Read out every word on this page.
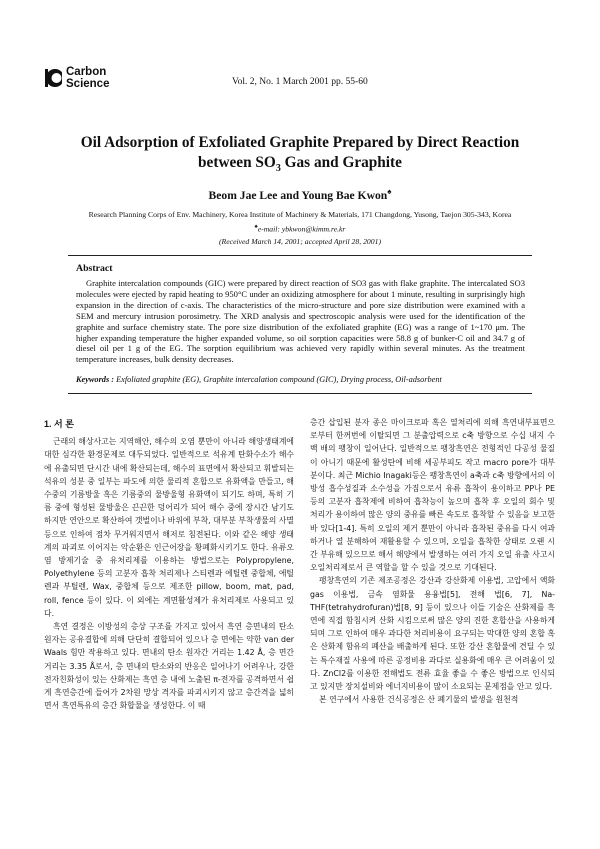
Carbon
Science	Vol. 2, No. 1 March 2001 pp. 55-60
Oil Adsorption of Exfoliated Graphite Prepared by Direct Reaction
between $SO_3$ Gas and Graphite
Beom Jae Lee and Young Bae Kwon♠
Research Planning Corps of Env. Machinery, Korea Institute of Machinery & Materials, 171 Changdong, Yusong, Taejon 305-343, Korea
♠e-mail: ybkwon@kimm.re.kr
(Received March 14, 2001; accepted April 28, 2001)
Abstract

Graphite intercalation compounds (GIC) were prepared by direct reaction of SO3 gas with flake graphite. The intercalated SO3 molecules were ejected by rapid heating to 950°C under an oxidizing atmosphere for about 1 minute, resulting in surprisingly high expansion in the direction of c-axis. The characteristics of the micro-structure and pore size distribution were examined with a SEM and mercury intrusion porosimetry. The XRD analysis and spectroscopic analysis were used for the identification of the graphite and surface chemistry state. The pore size distribution of the exfoliated graphite (EG) was a range of 1~170 μm. The higher expanding temperature the higher expanded volume, so oil sorption capacities were 58.8 g of bunker-C oil and 34.7 g of diesel oil per 1 g of the EG. The sorption equilibrium was achieved very rapidly within several minutes. As the treatment temperature increases, bulk density decreases.

Keywords : Exfoliated graphite (EG), Graphite intercalation compound (GIC), Drying process, Oil-adsorbent

1. 서 론

근래의 해상사고는 지역해안, 해수의 오염 뿐만이 아니라 해양생태계에 대한 심각한 환경문제로 대두되었다. 일반적으로 석유계 탄화수소가 해수에 유출되면 단시간 내에 확산되는데, 해수의 표면에서 확산되고 휘발되는 석유의 성분 중 일부는 파도에 의한 물리적 혼합으로 유화액을 만들고, 해수중의 기름방울 혹은 기름중의 물방울형 유화액이 되기도 하며, 특히 기름 중에 형성된 물방울은 끈끈한 덩어리가 되어 해수 중에 장시간 남기도 하지만 연안으로 확산하여 갯벌이나 바위에 부착, 대부분 부착생물의 사멸 등으로 인하여 점차 무거워지면서 해저로 침전된다. 이와 같은 해양 생태계의 파괴로 이어지는 악순환은 인근어장을 황폐화시키기도 한다. 유류오염 방제기술 중 유처리제를 이용하는 방법으로는 Polypropylene, Polyethylene 등의 고분자 흡착 처리제나 스티렌과 에틸렌 중합체, 에틸렌과 부틸렌, Wax, 중합체 등으로 제조한 pillow, boom, mat, pad, roll, fence 등이 있다. 이 외에는 계면활성제가 유처리제로 사용되고 있다.

흑연 결정은 이방성의 층상 구조를 가지고 있어서 흑연 층면내의 탄소원자는 공유결합에 의해 단단히 결합되어 있으나 층 면에는 약한 van der Waals 힘만 작용하고 있다. 면내의 탄소 원자간 거리는 1.42 Å, 층 면간 거리는 3.35 Å로서, 층 면내의 탄소와의 반응은 일어나기 어려우나, 강한 전자친화성이 있는 산화제는 흑연 층 내에 노출된 π-전자를 공격하면서 쉽게 흑연층간에 들어가 2차원 망상 격자를 파괴시키지 않고 층간격을 넓히면서 흑연특유의 층간 화합물을 생성한다. 이 때

층간 삽입된 분자 종은 마이크로파 혹은 열처리에 의해 흑연내부표면으로부터 한꺼번에 이탈되면 그 분출압력으로 c축 방향으로 수십 내지 수백 배의 팽창이 일어난다. 일반적으로 팽창흑연은 전형적인 다공성 물질이 아니기 때문에 활성탄에 비해 세공부피도 작고 macro pore가 대부분이다. 최근 Michio Inagaki등은 팽창흑연이 a축과 c축 방향에서의 이방성 흡수성질과 소수성을 가짐으로서 유류 흡착이 용이하고 PP나 PE 등의 고분자 흡착제에 비하여 흡착능이 높으며 흡착 후 오일의 회수 및 처리가 용이하여 많은 양의 중유를 빠른 속도로 흡착할 수 있음을 보고한 바 있다[1-4]. 특히 오일의 제거 뿐만이 아니라 흡착된 중유를 다시 여과하거나 열 분해하여 재활용할 수 있으며, 오일을 흡착한 상태로 오랜 시간 부유해 있으므로 해서 해양에서 발생하는 여러 가지 오일 유출 사고시 오일처리제로서 큰 역할을 할 수 있을 것으로 기대된다.

팽창흑연의 기존 제조공정은 강산과 강산화제 이용법, 고압에서 액화 gas 이용법, 금속 염화물 용융법[5], 전해 법[6, 7], Na-THF(tetrahydrofuran)법[8, 9] 등이 있으나 이들 기술은 산화제를 흑연에 직접 함침시켜 산화 시킴으로써 많은 양의 진한 혼합산을 사용하게 되며 그로 인하여 매우 과다한 처리비용이 요구되는 막대한 양의 혼합 혹은 산화제 함유의 폐산을 배출하게 된다. 또한 강산 혼합물에 견딜 수 있는 특수재질 사용에 따른 공정비용 과다로 실용화에 매우 큰 어려움이 있다. ZnCl2를 이용한 전해법도 전류 효율 좋을 수 좋은 방법으로 인식되고 있지만 장치설비와 에너지비용이 많이 소요되는 문제점을 안고 있다.

본 연구에서 사용한 건식공정은 산 폐기물의 발생을 원천적
